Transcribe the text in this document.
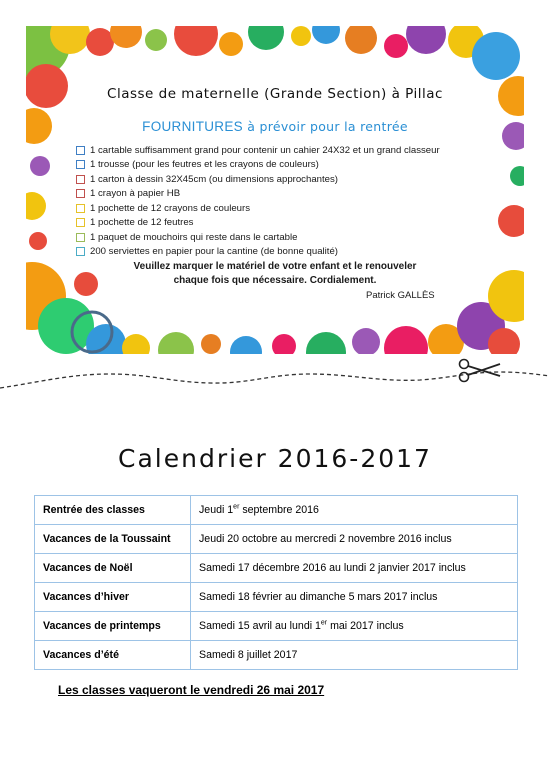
Classe de maternelle (Grande Section) à Pillac
FOURNITURES à prévoir pour la rentrée
1 cartable suffisamment grand pour contenir un cahier 24X32 et un grand classeur
1 trousse (pour les feutres et les crayons de couleurs)
1 carton à dessin 32X45cm (ou dimensions approchantes)
1 crayon à papier HB
1 pochette de 12 crayons de couleurs
1 pochette de 12 feutres
1 paquet de mouchoirs qui reste dans le cartable
200 serviettes en papier pour la cantine (de bonne qualité)
Veuillez marquer le matériel de votre enfant et le renouveler
chaque fois que nécessaire. Cordialement.
Patrick GALLÈS
Calendrier 2016-2017
Rentrée des classes	Jeudi 1er septembre 2016
Vacances de la Toussaint	Jeudi 20 octobre au mercredi 2 novembre 2016 inclus
Vacances de Noël	Samedi 17 décembre 2016 au lundi 2 janvier 2017 inclus
Vacances d’hiver	Samedi 18 février au dimanche 5 mars 2017 inclus
Vacances de printemps	Samedi 15 avril au lundi 1er mai 2017 inclus
Vacances d’été	Samedi 8 juillet 2017
Les classes vaqueront le vendredi 26 mai 2017
